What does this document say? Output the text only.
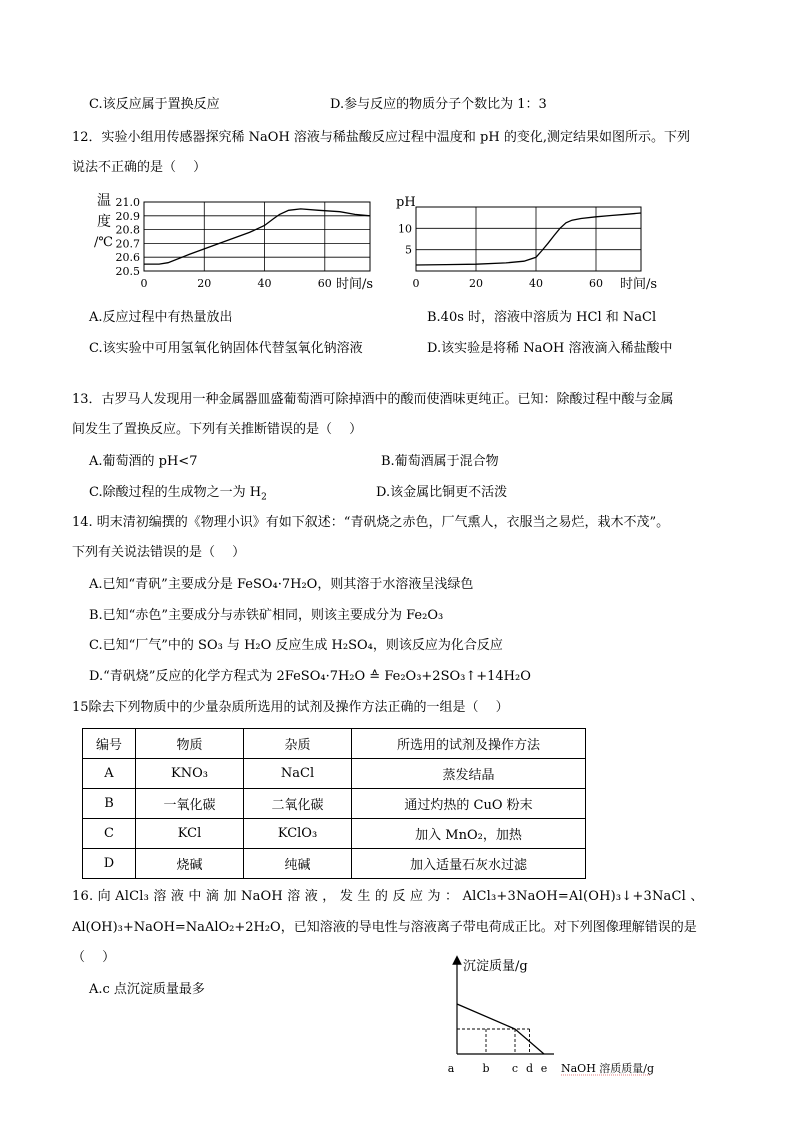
C.该反应属于置换反应	D.参与反应的物质分子个数比为 1：3
12．实验小组用传感器探究稀 NaOH 溶液与稀盐酸反应过程中温度和 pH 的变化,测定结果如图所示。下列
说法不正确的是（　 ）
温
度
/℃
21.0
20.9
20.8
20.7
20.6
20.5
0	20	40	60 时间/s
pH
10
5
0	20	40	60 时间/s
A.反应过程中有热量放出	B.40s 时，溶液中溶质为 HCl 和 NaCl
C.该实验中可用氢氧化钠固体代替氢氧化钠溶液	D.该实验是将稀 NaOH 溶液滴入稀盐酸中
13．古罗马人发现用一种金属器皿盛葡萄酒可除掉酒中的酸而使酒味更纯正。已知：除酸过程中酸与金属
间发生了置换反应。下列有关推断错误的是（　 ）
A.葡萄酒的 pH<7	B.葡萄酒属于混合物
C.除酸过程的生成物之一为 $H_2$	D.该金属比铜更不活泼
14. 明末清初编撰的《物理小识》有如下叙述：“青矾烧之赤色，厂气熏人，衣服当之易烂，栽木不茂”。
下列有关说法错误的是（　 ）
A.已知“青矾”主要成分是 FeSO₄·7H₂O，则其溶于水溶液呈浅绿色
B.已知“赤色”主要成分与赤铁矿相同，则该主要成分为 Fe₂O₃
C.已知“厂气”中的 SO₃ 与 H₂O 反应生成 H₂SO₄，则该反应为化合反应
D.“青矾烧”反应的化学方程式为 2FeSO₄·7H₂O ≙ Fe₂O₃+2SO₃↑+14H₂O
15除去下列物质中的少量杂质所选用的试剂及操作方法正确的一组是（　 ）
编号	物质	杂质	所选用的试剂及操作方法
A	KNO₃	NaCl	蒸发结晶
B	一氧化碳	二氧化碳	通过灼热的 CuO 粉末
C	KCl	KClO₃	加入 MnO₂，加热
D	烧碱	纯碱	加入适量石灰水过滤
16. 向 AlCl₃ 溶 液 中 滴 加 NaOH 溶 液 ， 发 生 的 反 应 为 ： AlCl₃+3NaOH=Al(OH)₃↓+3NaCl 、
Al(OH)₃+NaOH=NaAlO₂+2H₂O，已知溶液的导电性与溶液离子带电荷成正比。对下列图像理解错误的是
（　 ）
A.c 点沉淀质量最多
沉淀质量/g
a	b c d e NaOH 溶质质量/g
